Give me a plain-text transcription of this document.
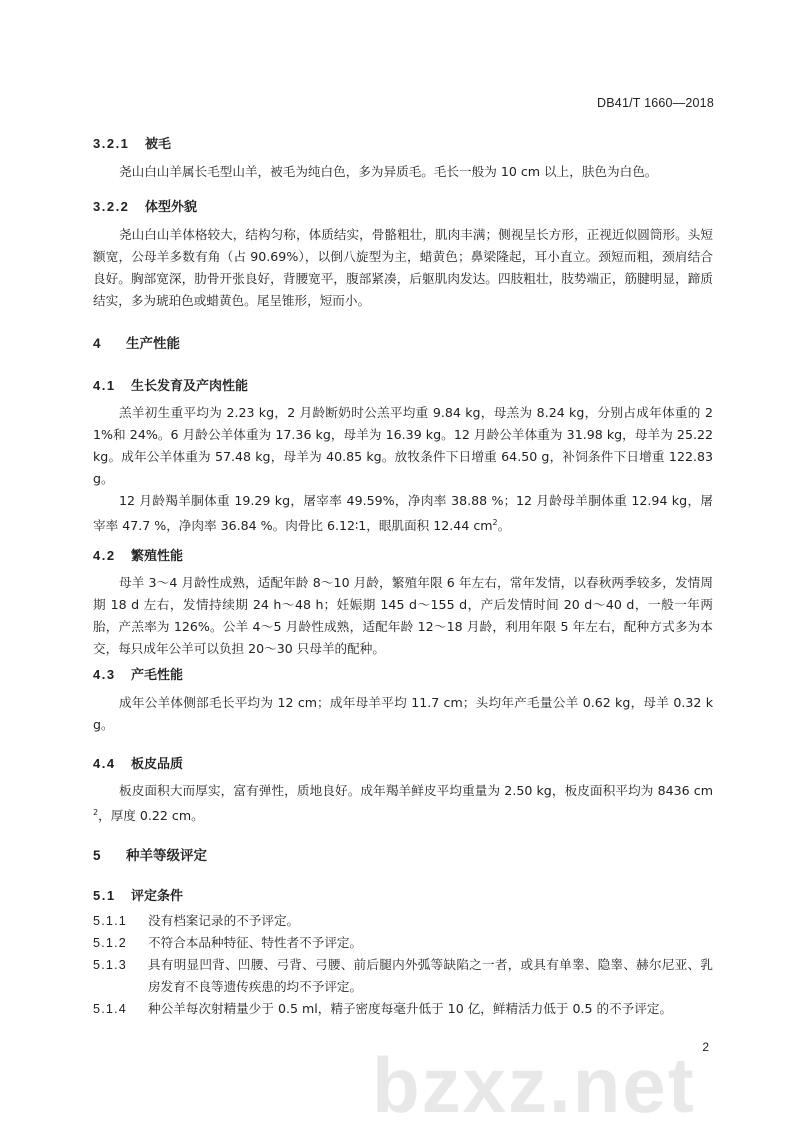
DB41/T 1660—2018
3.2.1 被毛
尧山白山羊属长毛型山羊，被毛为纯白色，多为异质毛。毛长一般为 10 cm 以上，肤色为白色。
3.2.2 体型外貌
尧山白山羊体格较大，结构匀称，体质结实，骨骼粗壮，肌肉丰满；侧视呈长方形，正视近似圆筒形。头短额宽，公母羊多数有角（占 90.69%），以倒八旋型为主，蜡黄色；鼻梁隆起，耳小直立。颈短而粗，颈肩结合良好。胸部宽深，肋骨开张良好，背腰宽平，腹部紧凑，后躯肌肉发达。四肢粗壮，肢势端正，筋腱明显，蹄质结实，多为琥珀色或蜡黄色。尾呈锥形，短而小。
4 生产性能
4.1 生长发育及产肉性能
羔羊初生重平均为 2.23 kg，2 月龄断奶时公羔平均重 9.84 kg，母羔为 8.24 kg，分别占成年体重的 21%和 24%。6 月龄公羊体重为 17.36 kg，母羊为 16.39 kg。12 月龄公羊体重为 31.98 kg，母羊为 25.22 kg。成年公羊体重为 57.48 kg，母羊为 40.85 kg。放牧条件下日增重 64.50 g，补饲条件下日增重 122.83 g。
12 月龄羯羊胴体重 19.29 kg，屠宰率 49.59%，净肉率 38.88 %；12 月龄母羊胴体重 12.94 kg，屠宰率 47.7 %，净肉率 36.84 %。肉骨比 6.12∶1，眼肌面积 12.44 $cm^2$。
4.2 繁殖性能
母羊 3～4 月龄性成熟，适配年龄 8～10 月龄，繁殖年限 6 年左右，常年发情，以春秋两季较多，发情周期 18 d 左右，发情持续期 24 h～48 h；妊娠期 145 d～155 d，产后发情时间 20 d～40 d，一般一年两胎，产羔率为 126%。公羊 4～5 月龄性成熟，适配年龄 12～18 月龄，利用年限 5 年左右，配种方式多为本交，每只成年公羊可以负担 20～30 只母羊的配种。
4.3 产毛性能
成年公羊体侧部毛长平均为 12 cm；成年母羊平均 11.7 cm；头均年产毛量公羊 0.62 kg，母羊 0.32 kg。
4.4 板皮品质
板皮面积大而厚实，富有弹性，质地良好。成年羯羊鲜皮平均重量为 2.50 kg，板皮面积平均为 8436 $cm^2$，厚度 0.22 cm。
5 种羊等级评定
5.1 评定条件
5.1.1	没有档案记录的不予评定。
5.1.2	不符合本品种特征、特性者不予评定。
5.1.3	具有明显凹背、凹腰、弓背、弓腰、前后腿内外弧等缺陷之一者，或具有单睾、隐睾、赫尔尼亚、乳房发育不良等遗传疾患的均不予评定。
5.1.4	种公羊每次射精量少于 0.5 ml，精子密度每毫升低于 10 亿，鲜精活力低于 0.5 的不予评定。
2
bzxz.net
